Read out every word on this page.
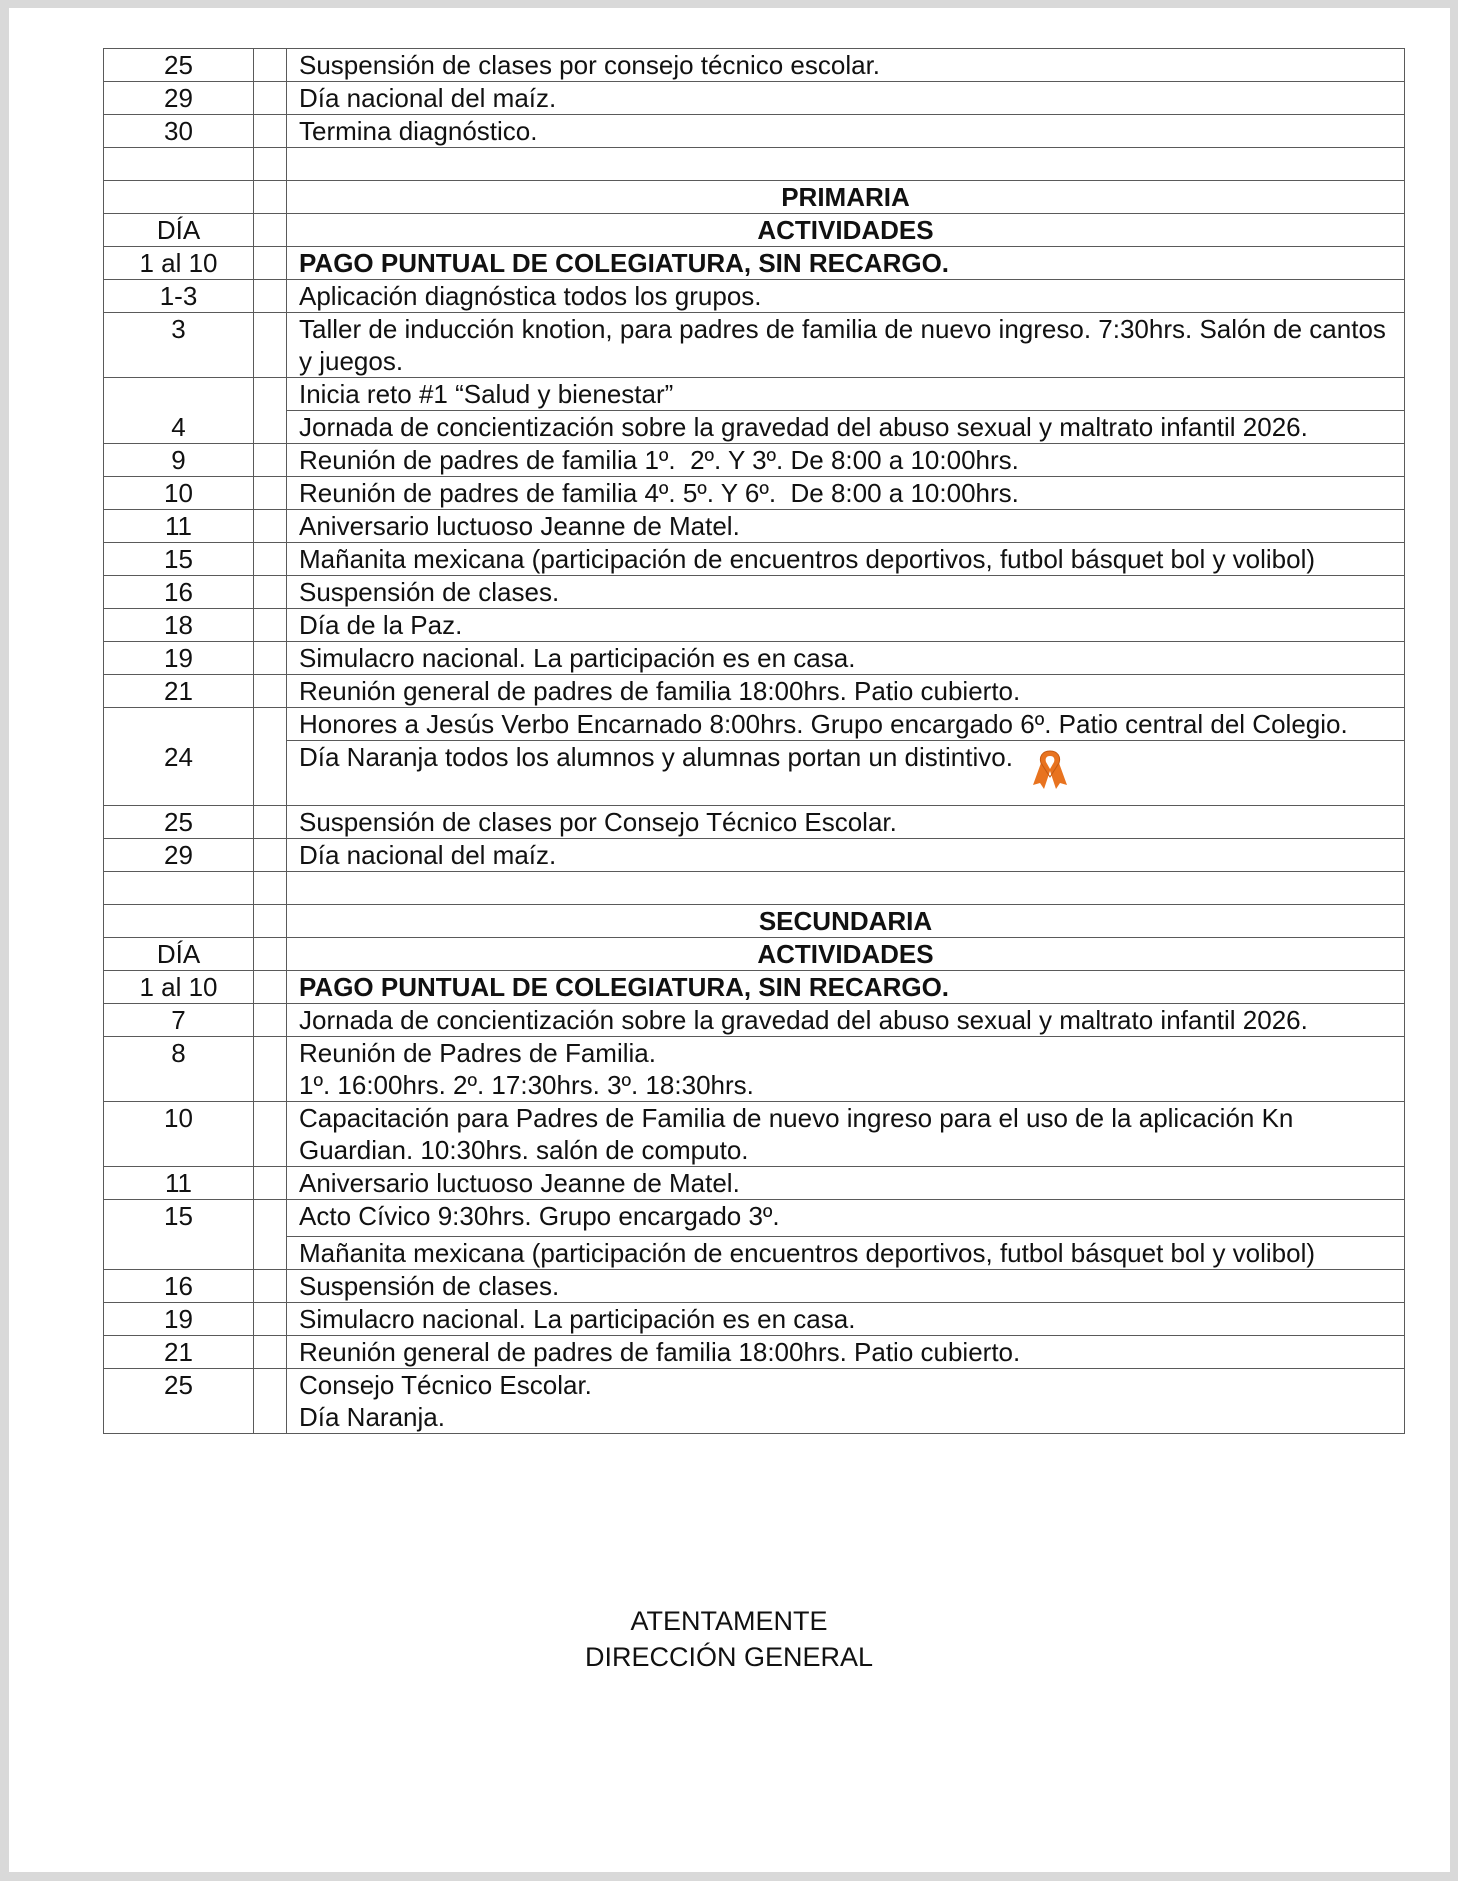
25		Suspensión de clases por consejo técnico escolar.
29		Día nacional del maíz.
30		Termina diagnóstico.

		PRIMARIA
DÍA		ACTIVIDADES
1 al 10		PAGO PUNTUAL DE COLEGIATURA, SIN RECARGO.
1-3		Aplicación diagnóstica todos los grupos.
3		Taller de inducción knotion, para padres de familia de nuevo ingreso. 7:30hrs. Salón de cantos y juegos.
4		Inicia reto #1 “Salud y bienestar”
		Jornada de concientización sobre la gravedad del abuso sexual y maltrato infantil 2026.
9		Reunión de padres de familia 1º.  2º. Y 3º. De 8:00 a 10:00hrs.
10		Reunión de padres de familia 4º. 5º. Y 6º.  De 8:00 a 10:00hrs.
11		Aniversario luctuoso Jeanne de Matel.
15		Mañanita mexicana (participación de encuentros deportivos, futbol básquet bol y volibol)
16		Suspensión de clases.
18		Día de la Paz.
19		Simulacro nacional. La participación es en casa.
21		Reunión general de padres de familia 18:00hrs. Patio cubierto.
24		Honores a Jesús Verbo Encarnado 8:00hrs. Grupo encargado 6º. Patio central del Colegio.
		Día Naranja todos los alumnos y alumnas portan un distintivo.
25		Suspensión de clases por Consejo Técnico Escolar.
29		Día nacional del maíz.

		SECUNDARIA
DÍA		ACTIVIDADES
1 al 10		PAGO PUNTUAL DE COLEGIATURA, SIN RECARGO.
7		Jornada de concientización sobre la gravedad del abuso sexual y maltrato infantil 2026.
8		Reunión de Padres de Familia.
1º. 16:00hrs. 2º. 17:30hrs. 3º. 18:30hrs.

10		Capacitación para Padres de Familia de nuevo ingreso para el uso de la aplicación Kn Guardian. 10:30hrs. salón de computo.
11		Aniversario luctuoso Jeanne de Matel.
15		Acto Cívico 9:30hrs. Grupo encargado 3º.
		Mañanita mexicana (participación de encuentros deportivos, futbol básquet bol y volibol)
16		Suspensión de clases.
19		Simulacro nacional. La participación es en casa.
21		Reunión general de padres de familia 18:00hrs. Patio cubierto.
25		Consejo Técnico Escolar.
Día Naranja.
ATENTAMENTE
DIRECCIÓN GENERAL
